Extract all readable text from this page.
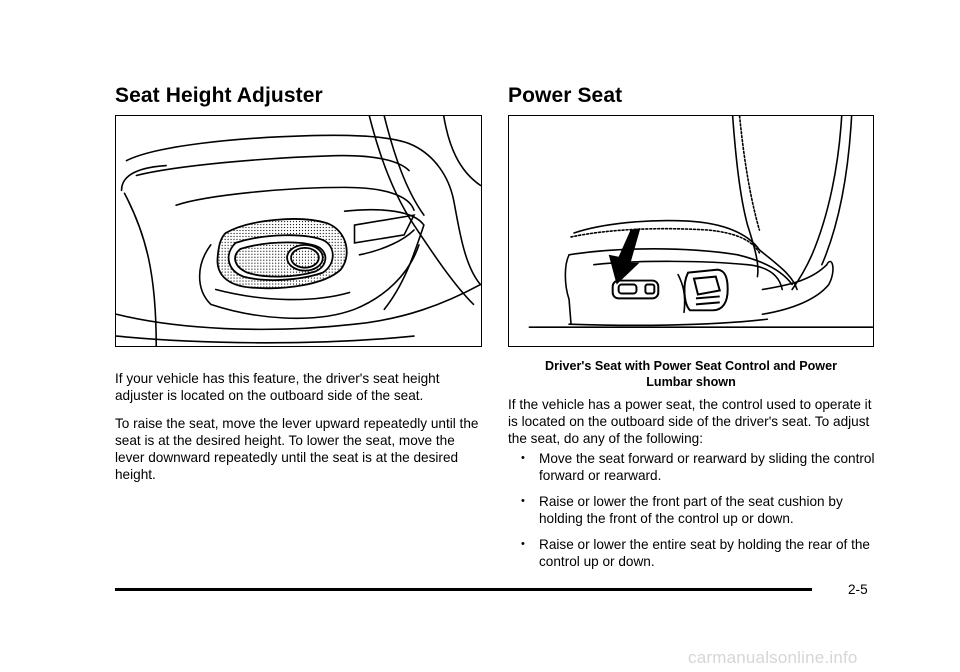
Seat Height Adjuster	Power Seat
Driver's Seat with Power Seat Control and Power
Lumbar shown

If your vehicle has this feature, the driver's seat height adjuster is located on the outboard side of the seat.

To raise the seat, move the lever upward repeatedly until the seat is at the desired height. To lower the seat, move the lever downward repeatedly until the seat is at the desired height.

If the vehicle has a power seat, the control used to operate it is located on the outboard side of the driver's seat. To adjust the seat, do any of the following:

• Move the seat forward or rearward by sliding the control forward or rearward.
• Raise or lower the front part of the seat cushion by holding the front of the control up or down.
• Raise or lower the entire seat by holding the rear of the control up or down.
2-5
carmanualsonline.info
